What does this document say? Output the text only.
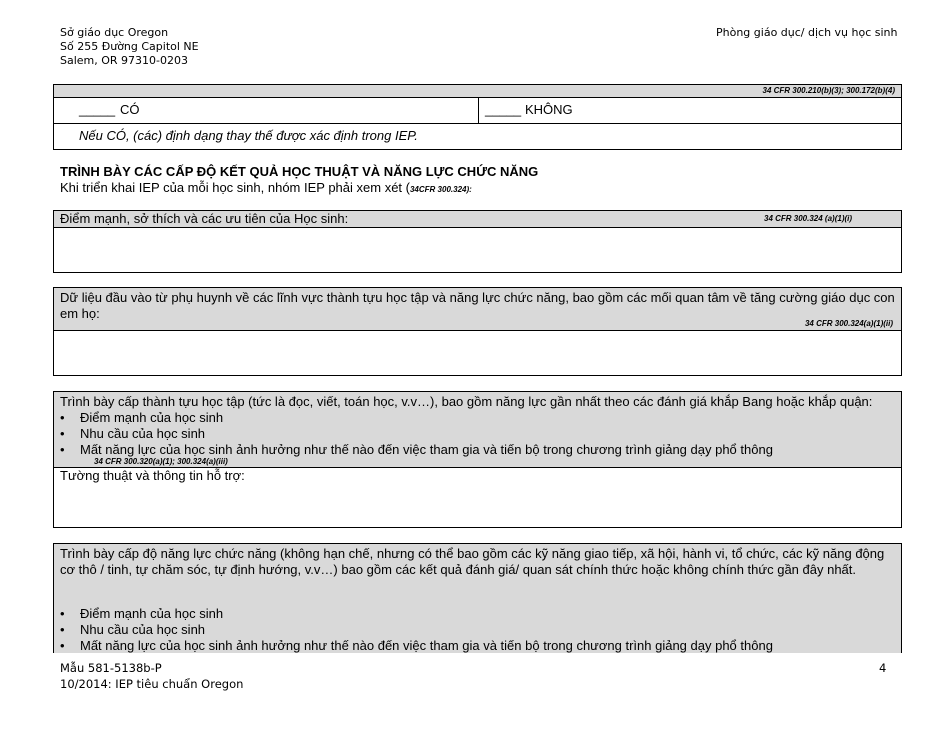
Sở giáo dục Oregon
Số 255 Đường Capitol NE
Salem, OR 97310-0203
Phòng giáo dục/ dịch vụ học sinh
34 CFR 300.210(b)(3); 300.172(b)(4)
_____ CÓ	_____ KHÔNG
Nếu CÓ, (các) định dạng thay thế được xác định trong IEP.
TRÌNH BÀY CÁC CẤP ĐỘ KẾT QUẢ HỌC THUẬT VÀ NĂNG LỰC CHỨC NĂNG
Khi triển khai IEP của mỗi học sinh, nhóm IEP phải xem xét (34CFR 300.324):
Điểm mạnh, sở thích và các ưu tiên của Học sinh:	34 CFR 300.324 (a)(1)(i)
Dữ liệu đầu vào từ phụ huynh về các lĩnh vực thành tựu học tập và năng lực chức năng, bao gồm các mối quan tâm về tăng cường giáo dục con em họ:
34 CFR 300.324(a)(1)(ii)
Trình bày cấp thành tựu học tập (tức là đọc, viết, toán học, v.v…), bao gồm năng lực gần nhất theo các đánh giá khắp Bang hoặc khắp quận:
• Điểm mạnh của học sinh
• Nhu cầu của học sinh
• Mất năng lực của học sinh ảnh hưởng như thế nào đến việc tham gia và tiến bộ trong chương trình giảng dạy phổ thông
34 CFR 300.320(a)(1); 300.324(a)(iii)
Tường thuật và thông tin hỗ trợ:
Trình bày cấp độ năng lực chức năng (không hạn chế, nhưng có thể bao gồm các kỹ năng giao tiếp, xã hội, hành vi, tổ chức, các kỹ năng động cơ thô / tinh, tự chăm sóc, tự định hướng, v.v…) bao gồm các kết quả đánh giá/ quan sát chính thức hoặc không chính thức gần đây nhất.
• Điểm mạnh của học sinh
• Nhu cầu của học sinh
• Mất năng lực của học sinh ảnh hưởng như thế nào đến việc tham gia và tiến bộ trong chương trình giảng dạy phổ thông
Mẫu 581-5138b-P
10/2014: IEP tiêu chuẩn Oregon
4
